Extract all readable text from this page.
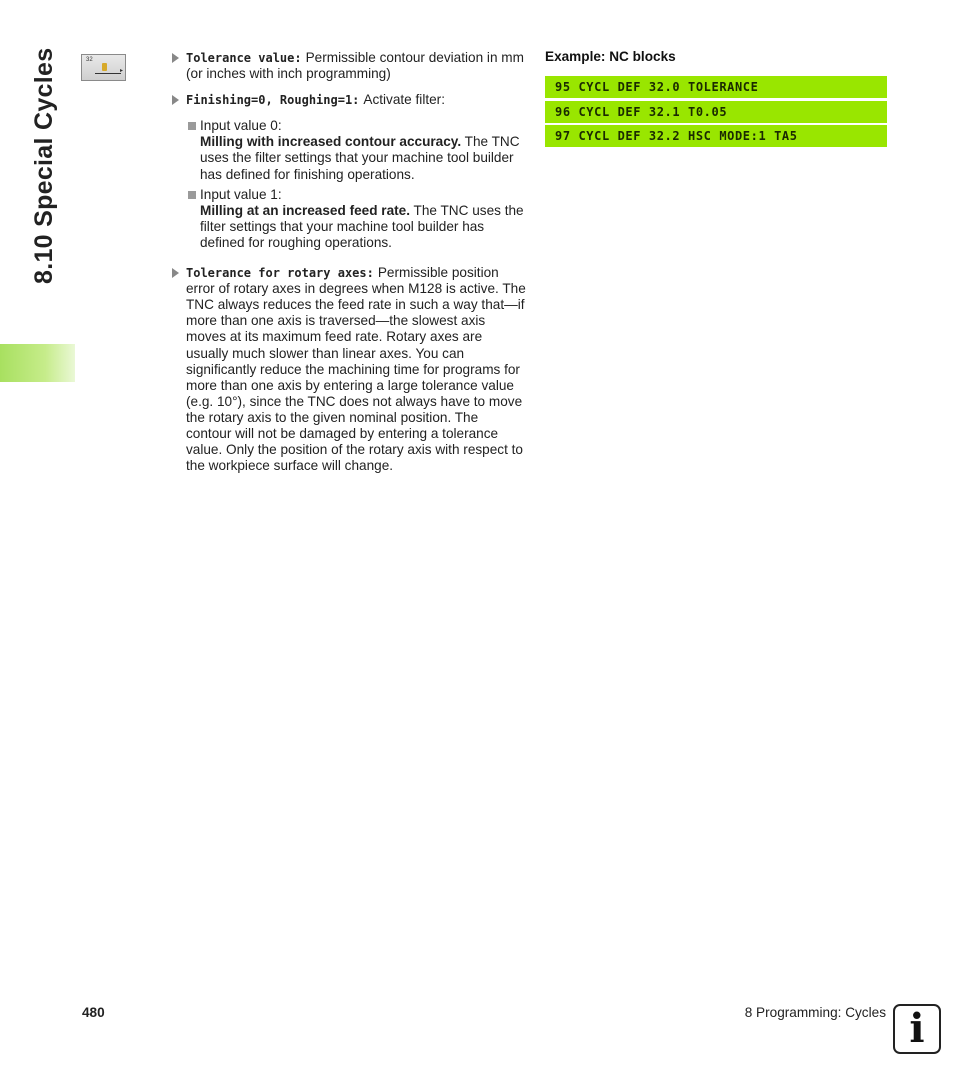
8.10 Special Cycles	32
▸
Tolerance value: Permissible contour deviation in mm (or inches with inch programming)
Finishing=0, Roughing=1: Activate filter:
Input value 0:
Milling with increased contour accuracy. The TNC uses the filter settings that your machine tool builder has defined for finishing operations.
Input value 1:
Milling at an increased feed rate. The TNC uses the filter settings that your machine tool builder has defined for roughing operations.
Tolerance for rotary axes: Permissible position error of rotary axes in degrees when M128 is active. The TNC always reduces the feed rate in such a way that—if more than one axis is traversed—the slowest axis moves at its maximum feed rate. Rotary axes are usually much slower than linear axes. You can significantly reduce the machining time for programs for more than one axis by entering a large tolerance value (e.g. 10°), since the TNC does not always have to move the rotary axis to the given nominal position. The contour will not be damaged by entering a tolerance value. Only the position of the rotary axis with respect to the workpiece surface will change.
Example: NC blocks
95 CYCL DEF 32.0 TOLERANCE
96 CYCL DEF 32.1 T0.05
97 CYCL DEF 32.2 HSC MODE:1 TA5
480	8 Programming: Cycles i
